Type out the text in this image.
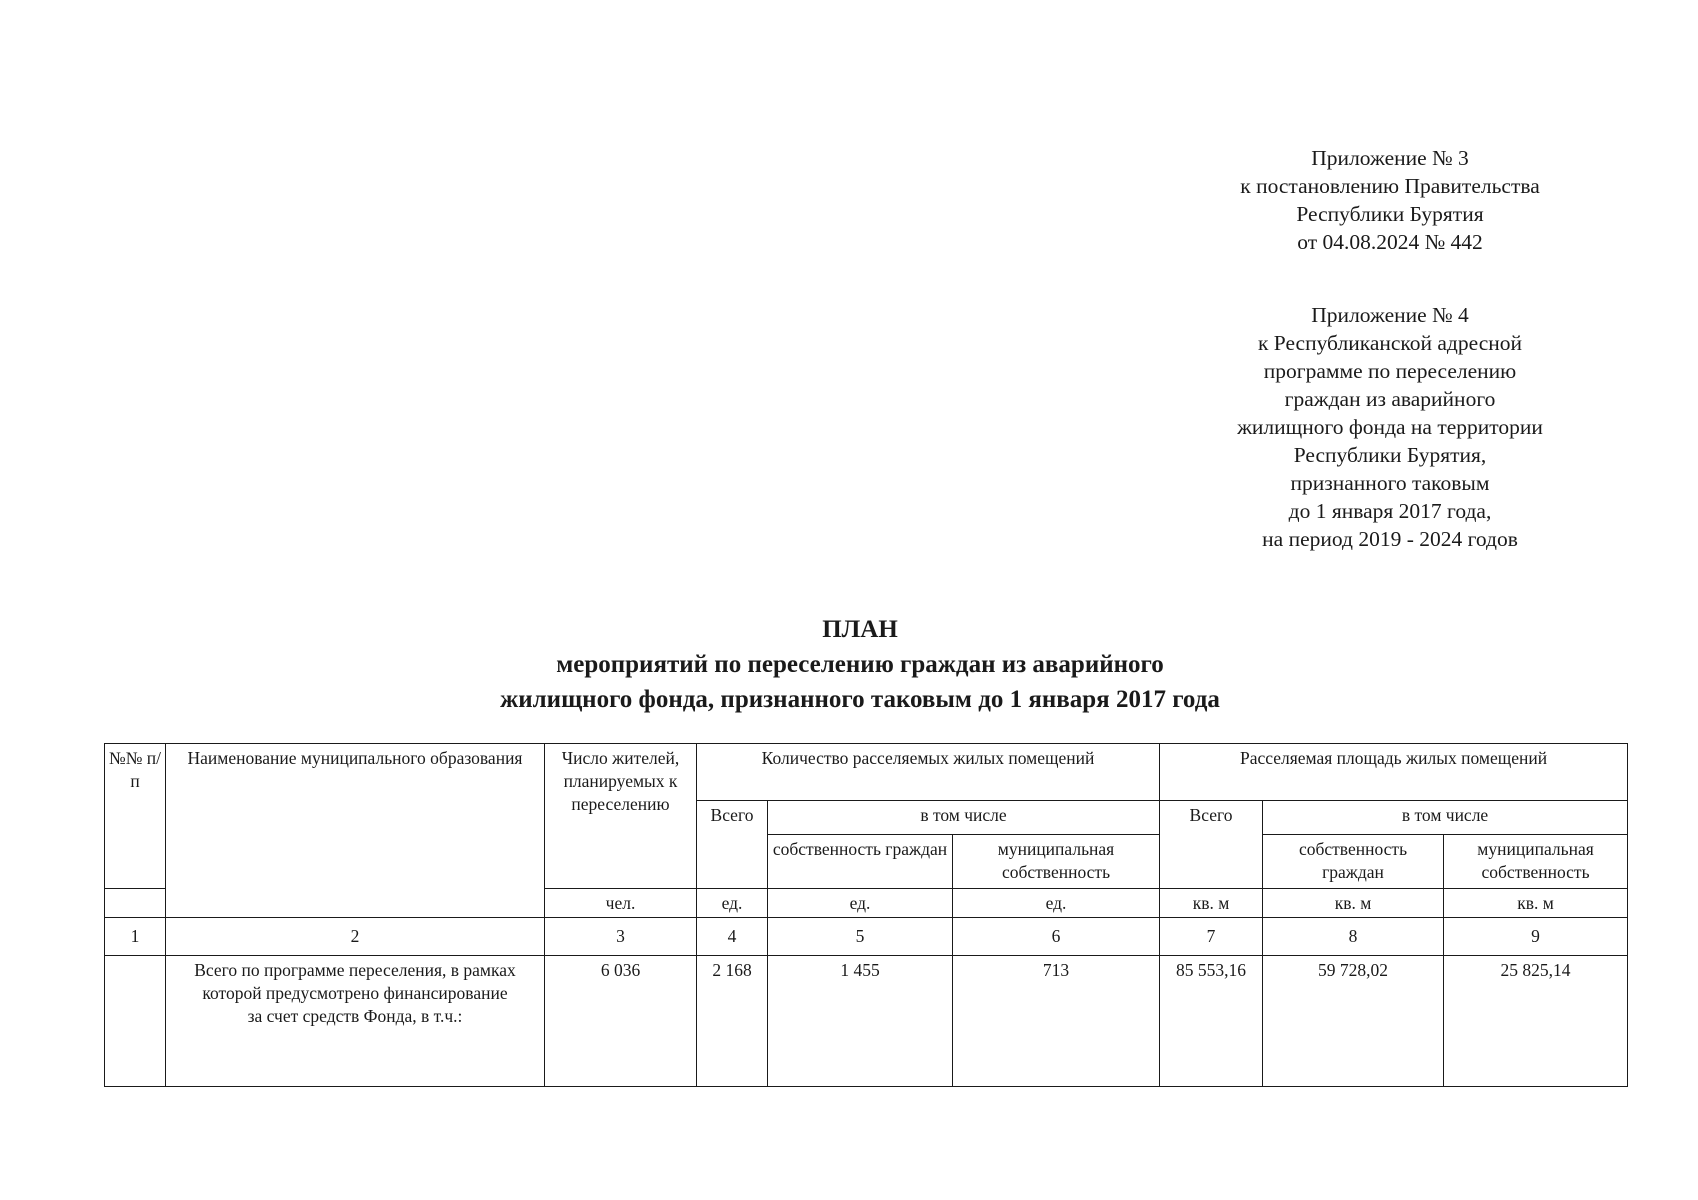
Приложение № 3
к постановлению Правительства
Республики Бурятия
от 04.08.2024 № 442
Приложение № 4
к Республиканской адресной
программе по переселению
граждан из аварийного
жилищного фонда на территории
Республики Бурятия,
признанного таковым
до 1 января 2017 года,
на период 2019 - 2024 годов
ПЛАН
мероприятий по переселению граждан из аварийного
жилищного фонда, признанного таковым до 1 января 2017 года
№№ п/п	Наименование муниципального образования	Число жителей, планируемых к переселению	Количество расселяемых жилых помещений			Расселяемая площадь жилых помещений		
			Всего	в том числе		Всего	в том числе	
				собственность граждан	муниципальная собственность		собственность граждан	муниципальная собственность
		чел.	ед.	ед.	ед.	кв. м	кв. м	кв. м
1	2	3	4	5	6	7	8	9
	Всего по программе переселения, в рамках которой предусмотрено финансирование за счет средств Фонда, в т.ч.:	6 036	2 168	1 455	713	85 553,16	59 728,02	25 825,14
